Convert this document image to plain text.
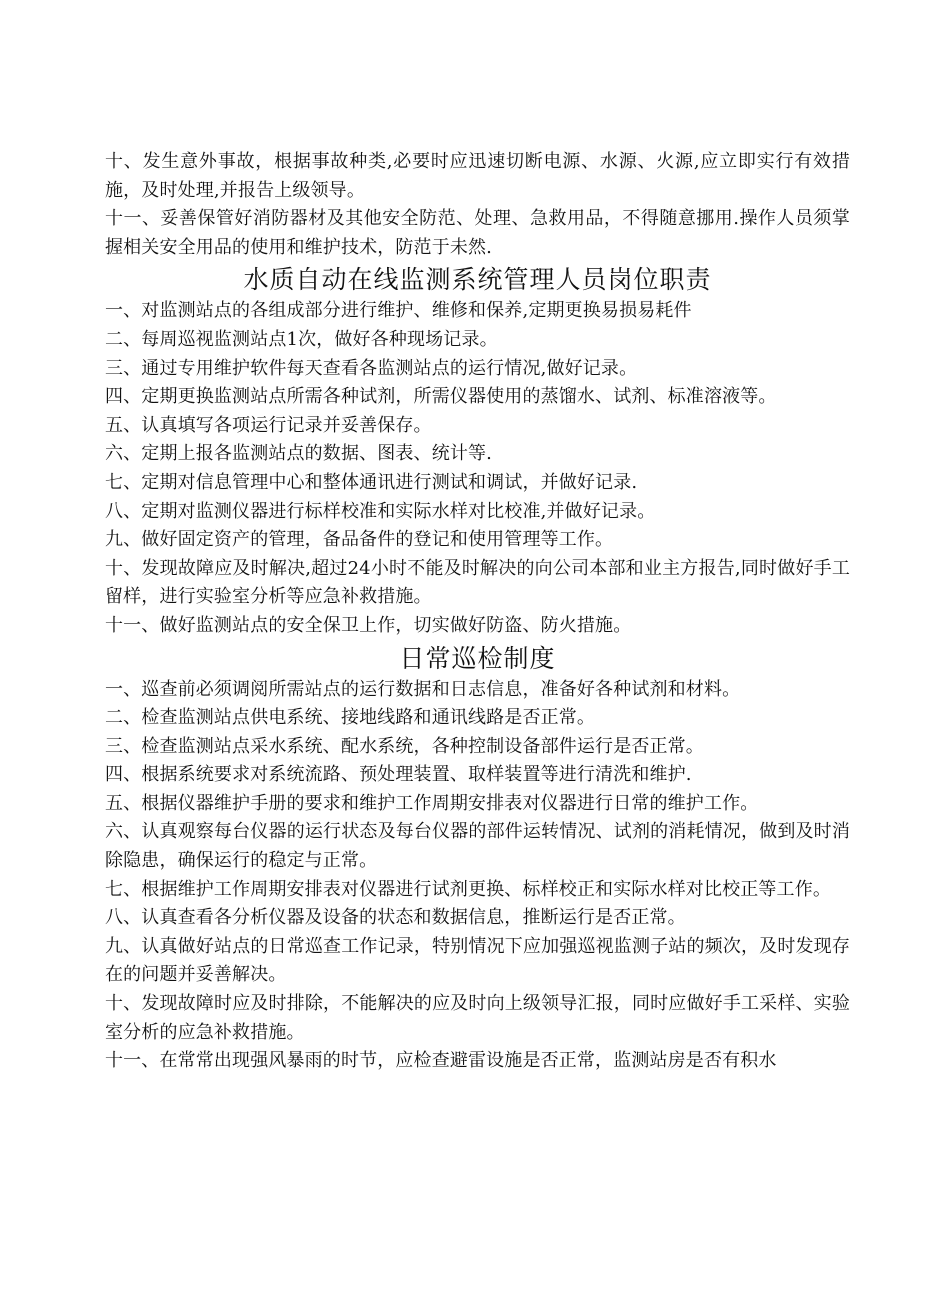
十、发生意外事故，根据事故种类,必要时应迅速切断电源、水源、火源,应立即实行有效措施，及时处理,并报告上级领导。

十一、妥善保管好消防器材及其他安全防范、处理、急救用品，不得随意挪用.操作人员须掌握相关安全用品的使用和维护技术，防范于未然.

水质自动在线监测系统管理人员岗位职责

一、对监测站点的各组成部分进行维护、维修和保养,定期更换易损易耗件

二、每周巡视监测站点1次，做好各种现场记录。

三、通过专用维护软件每天查看各监测站点的运行情况,做好记录。

四、定期更换监测站点所需各种试剂，所需仪器使用的蒸馏水、试剂、标准溶液等。

五、认真填写各项运行记录并妥善保存。

六、定期上报各监测站点的数据、图表、统计等.

七、定期对信息管理中心和整体通讯进行测试和调试，并做好记录.

八、定期对监测仪器进行标样校准和实际水样对比校准,并做好记录。

九、做好固定资产的管理，备品备件的登记和使用管理等工作。

十、发现故障应及时解决,超过24小时不能及时解决的向公司本部和业主方报告,同时做好手工留样，进行实验室分析等应急补救措施。

十一、做好监测站点的安全保卫上作，切实做好防盗、防火措施。

日常巡检制度

一、巡查前必须调阅所需站点的运行数据和日志信息，准备好各种试剂和材料。

二、检查监测站点供电系统、接地线路和通讯线路是否正常。

三、检查监测站点采水系统、配水系统，各种控制设备部件运行是否正常。

四、根据系统要求对系统流路、预处理装置、取样装置等进行清洗和维护.

五、根据仪器维护手册的要求和维护工作周期安排表对仪器进行日常的维护工作。

六、认真观察每台仪器的运行状态及每台仪器的部件运转情况、试剂的消耗情况，做到及时消除隐患，确保运行的稳定与正常。

七、根据维护工作周期安排表对仪器进行试剂更换、标样校正和实际水样对比校正等工作。

八、认真查看各分析仪器及设备的状态和数据信息，推断运行是否正常。

九、认真做好站点的日常巡查工作记录，特别情况下应加强巡视监测子站的频次，及时发现存在的问题并妥善解决。

十、发现故障时应及时排除，不能解决的应及时向上级领导汇报，同时应做好手工采样、实验室分析的应急补救措施。

十一、在常常出现强风暴雨的时节，应检查避雷设施是否正常，监测站房是否有积水
